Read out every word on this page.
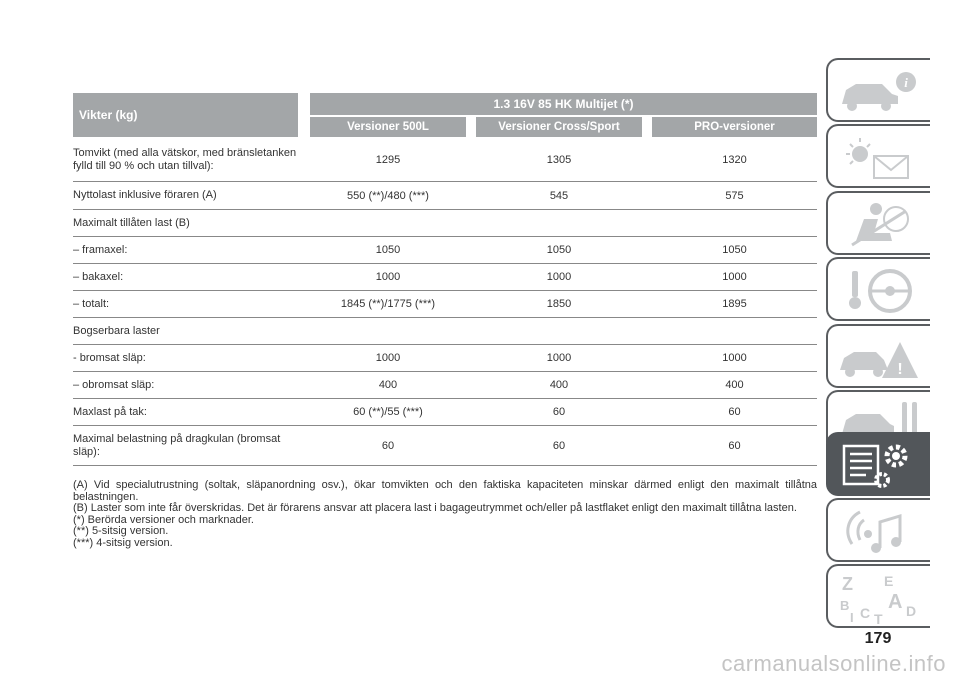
Vikter (kg)
1.3 16V 85 HK Multijet (*)
Versioner 500L	Versioner Cross/Sport	PRO-versioner
Tomvikt (med alla vätskor, med bränsletanken fylld till 90 % och utan tillval):	1295	1305	1320
Nyttolast inklusive föraren (A)	550 (**)/480 (***)	545	575
Maximalt tillåten last (B)
– framaxel:	1050	1050	1050
– bakaxel:	1000	1000	1000
– totalt:	1845 (**)/1775 (***)	1850	1895
Bogserbara laster
- bromsat släp:	1000	1000	1000
– obromsat släp:	400	400	400
Maxlast på tak:	60 (**)/55 (***)	60	60
Maximal belastning på dragkulan (bromsat släp):	60	60	60

(A) Vid specialutrustning (soltak, släpanordning osv.), ökar tomvikten och den faktiska kapaciteten minskar därmed enligt den maximalt tillåtna belastningen.

(B) Laster som inte får överskridas. Det är förarens ansvar att placera last i bagageutrymmet och/eller på lastflaket enligt den maximalt tillåtna lasten.

(*) Berörda versioner och marknader.

(**) 5-sitsig version.

(***) 4-sitsig version.

i
!
Z E
B A
I C T D
179
carmanualsonline.info
